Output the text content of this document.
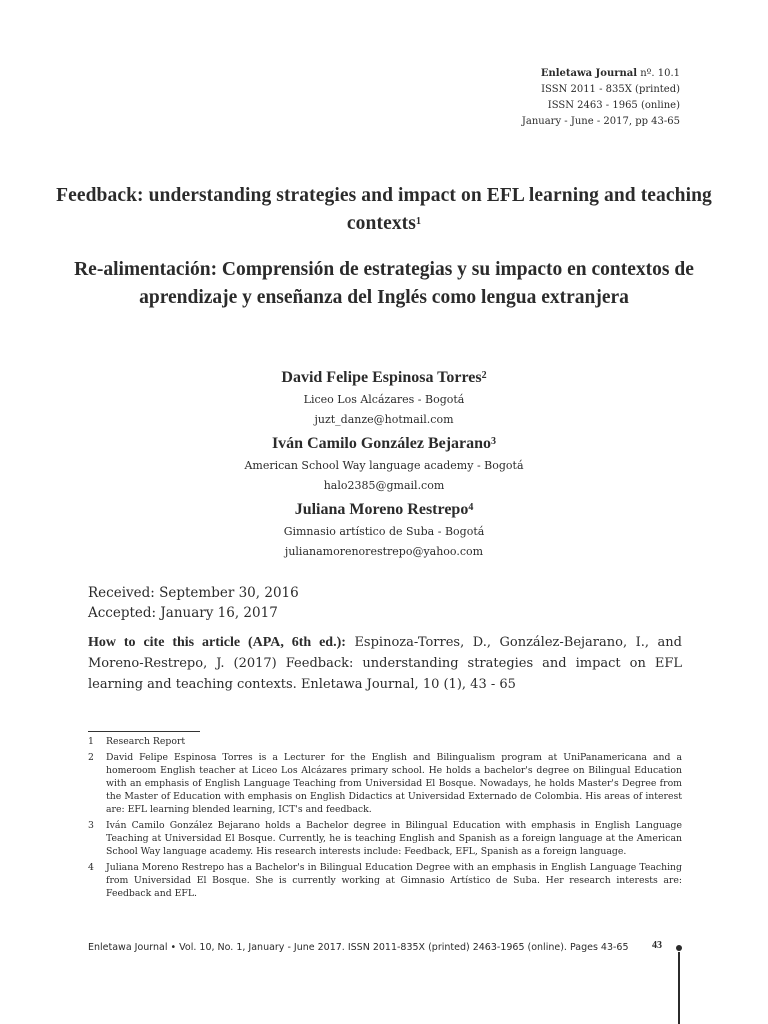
Enletawa Journal nº. 10.1
ISSN 2011 - 835X (printed)
ISSN 2463 - 1965 (online)
January - June - 2017, pp 43-65
Feedback: understanding strategies and impact on EFL learning and teaching contexts$^1$
Re-alimentación: Comprensión de estrategias y su impacto en contextos de aprendizaje y enseñanza del Inglés como lengua extranjera
David Felipe Espinosa Torres$^2$
Liceo Los Alcázares - Bogotá
juzt_danze@hotmail.com
Iván Camilo González Bejarano$^3$
American School Way language academy - Bogotá
halo2385@gmail.com
Juliana Moreno Restrepo$^4$
Gimnasio artístico de Suba - Bogotá
julianamorenorestrepo@yahoo.com
Received: September 30, 2016
Accepted: January 16, 2017
How to cite this article (APA, 6th ed.): Espinoza-Torres, D., González-Bejarano, I., and Moreno-Restrepo, J. (2017) Feedback: understanding strategies and impact on EFL learning and teaching contexts. Enletawa Journal, 10 (1), 43 - 65
1	Research Report
2	David Felipe Espinosa Torres is a Lecturer for the English and Bilingualism program at UniPanamericana and a homeroom English teacher at Liceo Los Alcázares primary school. He holds a bachelor's degree on Bilingual Education with an emphasis of English Language Teaching from Universidad El Bosque. Nowadays, he holds Master's Degree from the Master of Education with emphasis on English Didactics at Universidad Externado de Colombia. His areas of interest are: EFL learning blended learning, ICT's and feedback.
3	Iván Camilo González Bejarano holds a Bachelor degree in Bilingual Education with emphasis in English Language Teaching at Universidad El Bosque. Currently, he is teaching English and Spanish as a foreign language at the American School Way language academy. His research interests include: Feedback, EFL, Spanish as a foreign language.
4	Juliana Moreno Restrepo has a Bachelor's in Bilingual Education Degree with an emphasis in English Language Teaching from Universidad El Bosque. She is currently working at Gimnasio Artístico de Suba. Her research interests are: Feedback and EFL.
Enletawa Journal • Vol. 10, No. 1, January - June 2017. ISSN 2011-835X (printed) 2463-1965 (online). Pages 43-65	43
